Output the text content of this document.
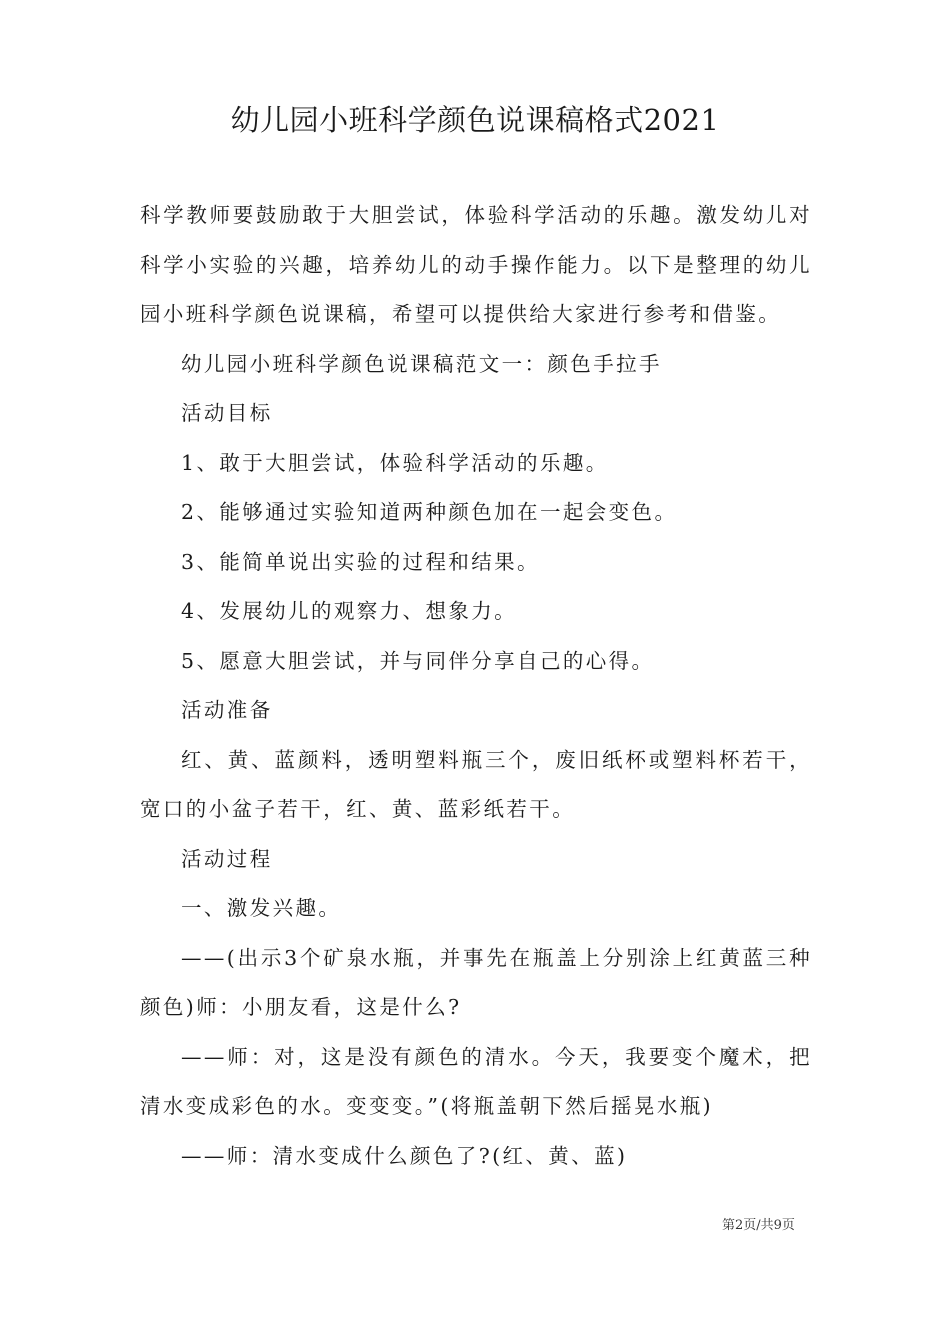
幼儿园小班科学颜色说课稿格式2021

科学教师要鼓励敢于大胆尝试，体验科学活动的乐趣。激发幼儿对科学小实验的兴趣，培养幼儿的动手操作能力。以下是整理的幼儿园小班科学颜色说课稿，希望可以提供给大家进行参考和借鉴。

幼儿园小班科学颜色说课稿范文一：颜色手拉手

活动目标

1、敢于大胆尝试，体验科学活动的乐趣。

2、能够通过实验知道两种颜色加在一起会变色。

3、能简单说出实验的过程和结果。

4、发展幼儿的观察力、想象力。

5、愿意大胆尝试，并与同伴分享自己的心得。

活动准备

红、黄、蓝颜料，透明塑料瓶三个，废旧纸杯或塑料杯若干，宽口的小盆子若干，红、黄、蓝彩纸若干。

活动过程

一、激发兴趣。

——(出示3个矿泉水瓶，并事先在瓶盖上分别涂上红黄蓝三种颜色)师：小朋友看，这是什么?

——师：对，这是没有颜色的清水。今天，我要变个魔术，把清水变成彩色的水。变变变。”(将瓶盖朝下然后摇晃水瓶)

——师：清水变成什么颜色了?(红、黄、蓝)

第2页/共9页
